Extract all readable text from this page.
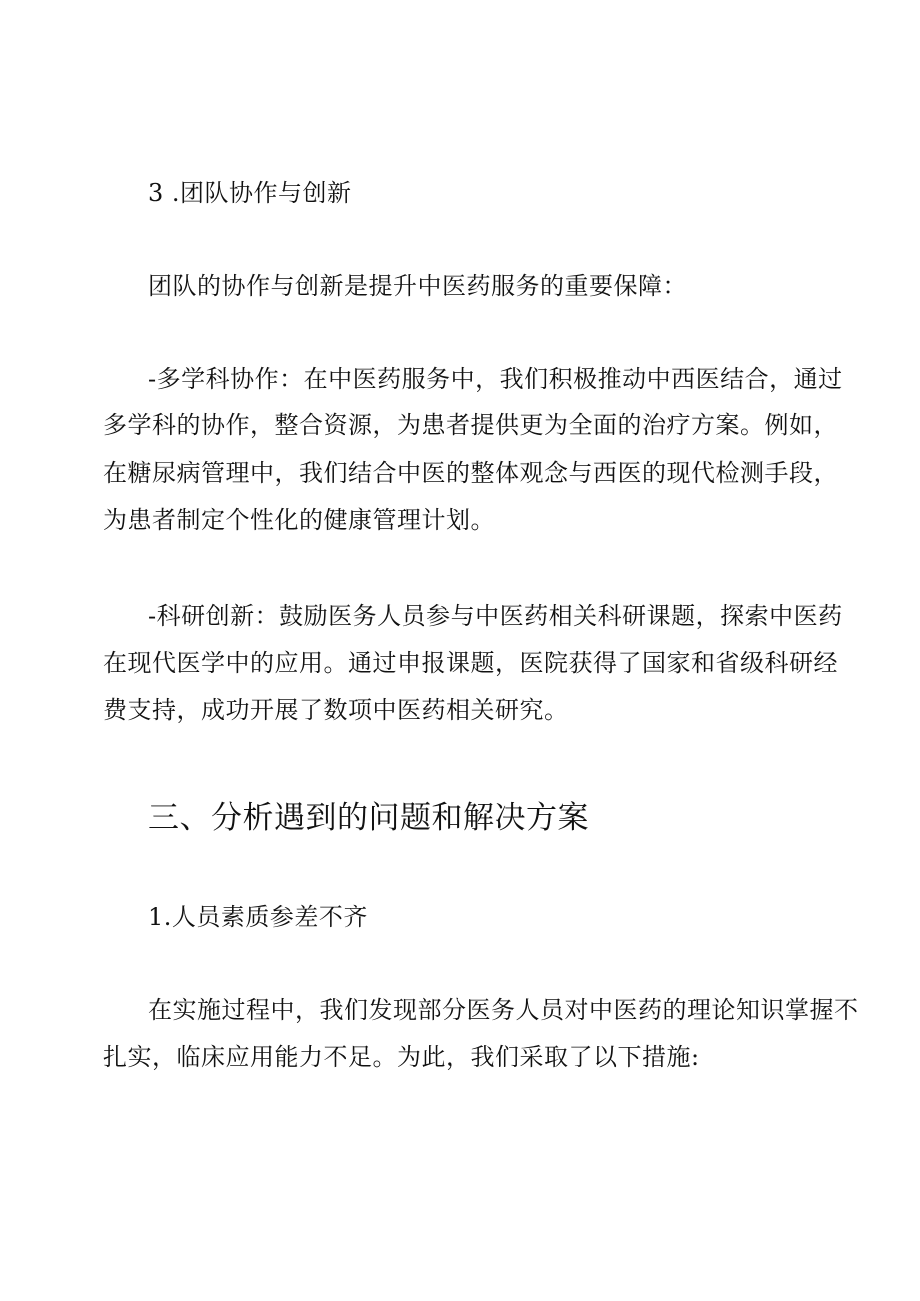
3 .团队协作与创新
团队的协作与创新是提升中医药服务的重要保障：
-多学科协作：在中医药服务中，我们积极推动中西医结合，通过
多学科的协作，整合资源，为患者提供更为全面的治疗方案。例如，
在糖尿病管理中，我们结合中医的整体观念与西医的现代检测手段，
为患者制定个性化的健康管理计划。
-科研创新：鼓励医务人员参与中医药相关科研课题，探索中医药
在现代医学中的应用。通过申报课题，医院获得了国家和省级科研经
费支持，成功开展了数项中医药相关研究。
三、分析遇到的问题和解决方案
1.人员素质参差不齐
在实施过程中，我们发现部分医务人员对中医药的理论知识掌握不
扎实，临床应用能力不足。为此，我们采取了以下措施:
